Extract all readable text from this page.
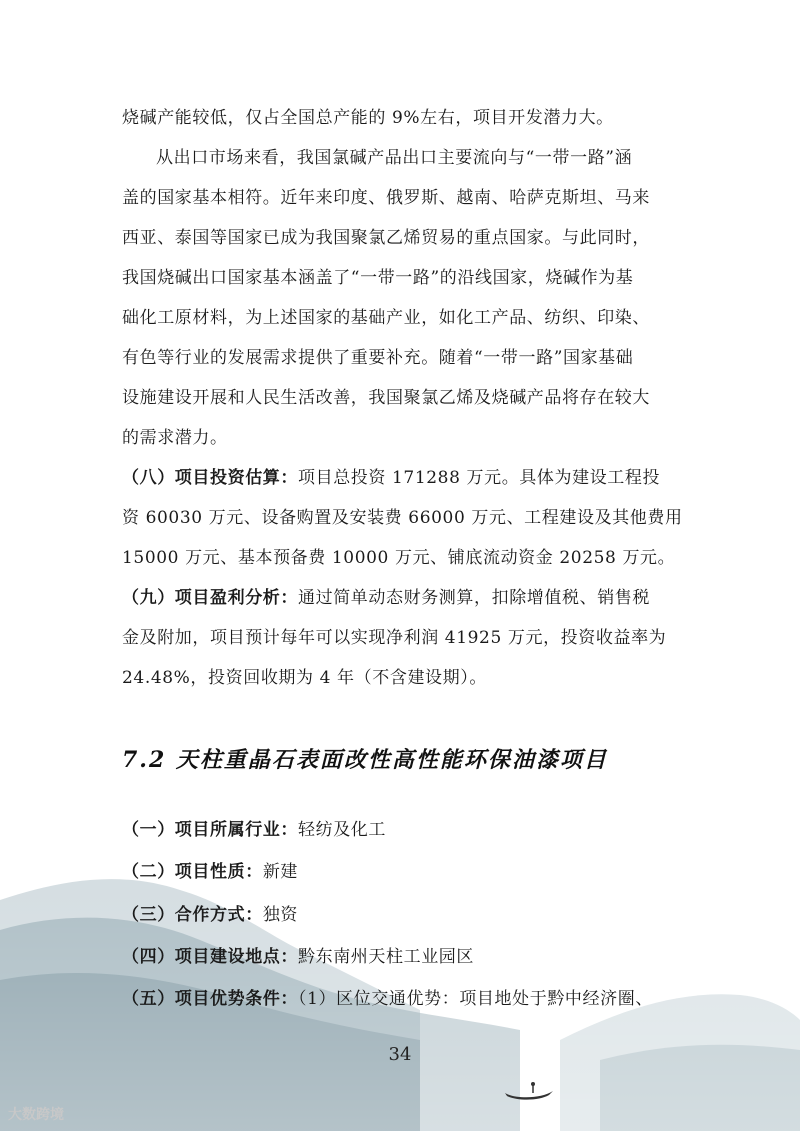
烧碱产能较低，仅占全国总产能的 9%左右，项目开发潜力大。
从出口市场来看，我国氯碱产品出口主要流向与“一带一路”涵
盖的国家基本相符。近年来印度、俄罗斯、越南、哈萨克斯坦、马来
西亚、泰国等国家已成为我国聚氯乙烯贸易的重点国家。与此同时，
我国烧碱出口国家基本涵盖了“一带一路”的沿线国家，烧碱作为基
础化工原材料，为上述国家的基础产业，如化工产品、纺织、印染、
有色等行业的发展需求提供了重要补充。随着“一带一路”国家基础
设施建设开展和人民生活改善，我国聚氯乙烯及烧碱产品将存在较大
的需求潜力。
（八）项目投资估算：项目总投资 171288 万元。具体为建设工程投
资 60030 万元、设备购置及安装费 66000 万元、工程建设及其他费用
15000 万元、基本预备费 10000 万元、铺底流动资金 20258 万元。
（九）项目盈利分析：通过简单动态财务测算，扣除增值税、销售税
金及附加，项目预计每年可以实现净利润 41925 万元，投资收益率为
24.48%，投资回收期为 4 年（不含建设期）。
7.2 天柱重晶石表面改性高性能环保油漆项目
（一）项目所属行业：轻纺及化工
（二）项目性质：新建
（三）合作方式：独资
（四）项目建设地点：黔东南州天柱工业园区
（五）项目优势条件：（1）区位交通优势：项目地处于黔中经济圈、
34
大数跨境
